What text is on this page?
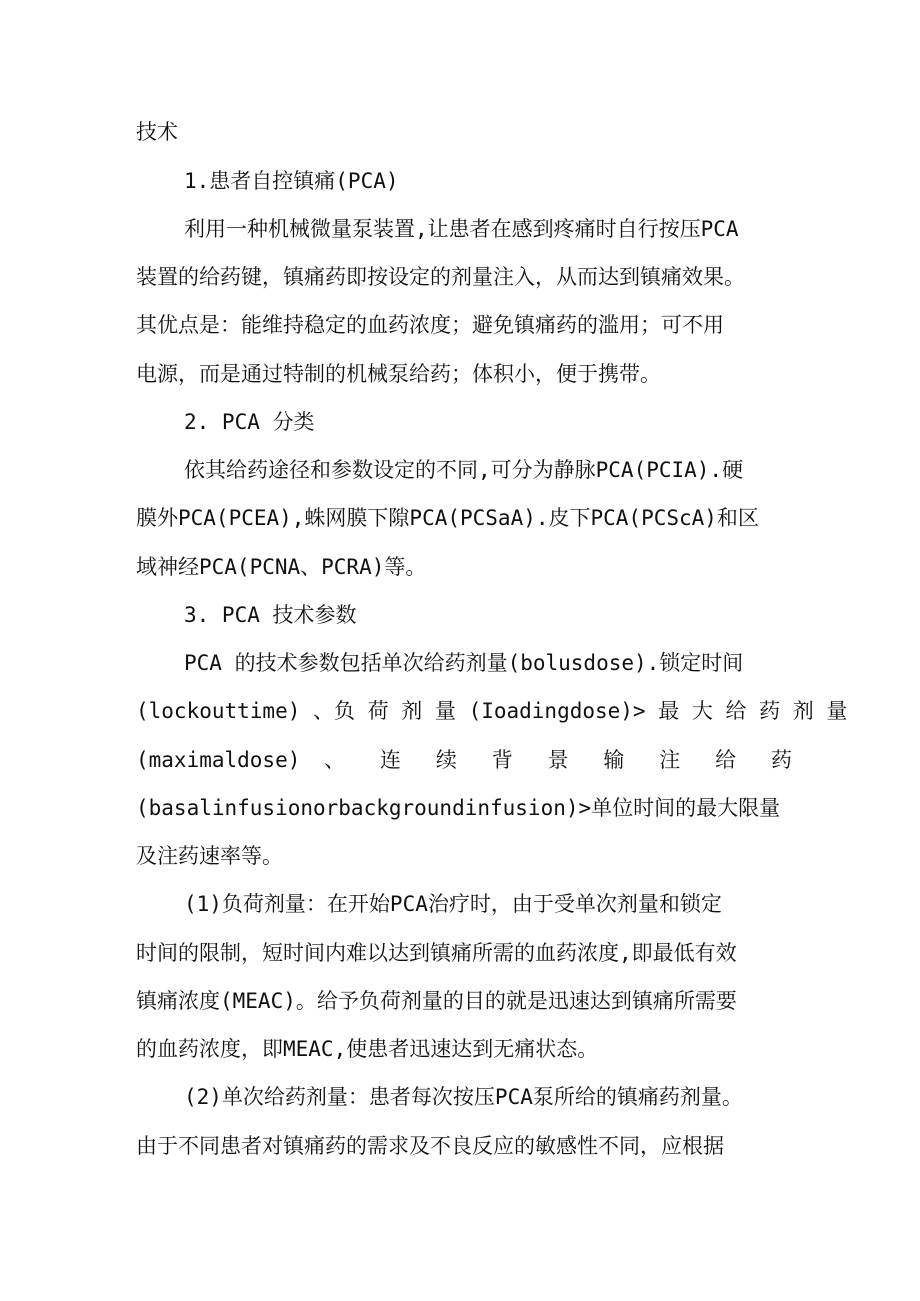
技术
1.患者自控镇痛(PCA)
利用一种机械微量泵装置,让患者在感到疼痛时自行按压PCA
装置的给药键，镇痛药即按设定的剂量注入，从而达到镇痛效果。
其优点是：能维持稳定的血药浓度；避免镇痛药的滥用；可不用
电源，而是通过特制的机械泵给药；体积小，便于携带。
2. PCA 分类
依其给药途径和参数设定的不同,可分为静脉PCA(PCIA).硬
膜外PCA(PCEA),蛛网膜下隙PCA(PCSaA).皮下PCA(PCScA)和区
域神经PCA(PCNA、PCRA)等。
3. PCA 技术参数
PCA 的技术参数包括单次给药剂量(bolusdose).锁定时间
(lockouttime) 、负 荷 剂 量 (Ioadingdose)> 最 大 给 药 剂 量
(maximaldose) 、 连 续 背 景 输 注 给 药
(basalinfusionorbackgroundinfusion)>单位时间的最大限量
及注药速率等。
(1)负荷剂量：在开始PCA治疗时，由于受单次剂量和锁定
时间的限制，短时间内难以达到镇痛所需的血药浓度,即最低有效
镇痛浓度(MEAC)。给予负荷剂量的目的就是迅速达到镇痛所需要
的血药浓度，即MEAC,使患者迅速达到无痛状态。
(2)单次给药剂量：患者每次按压PCA泵所给的镇痛药剂量。
由于不同患者对镇痛药的需求及不良反应的敏感性不同，应根据
